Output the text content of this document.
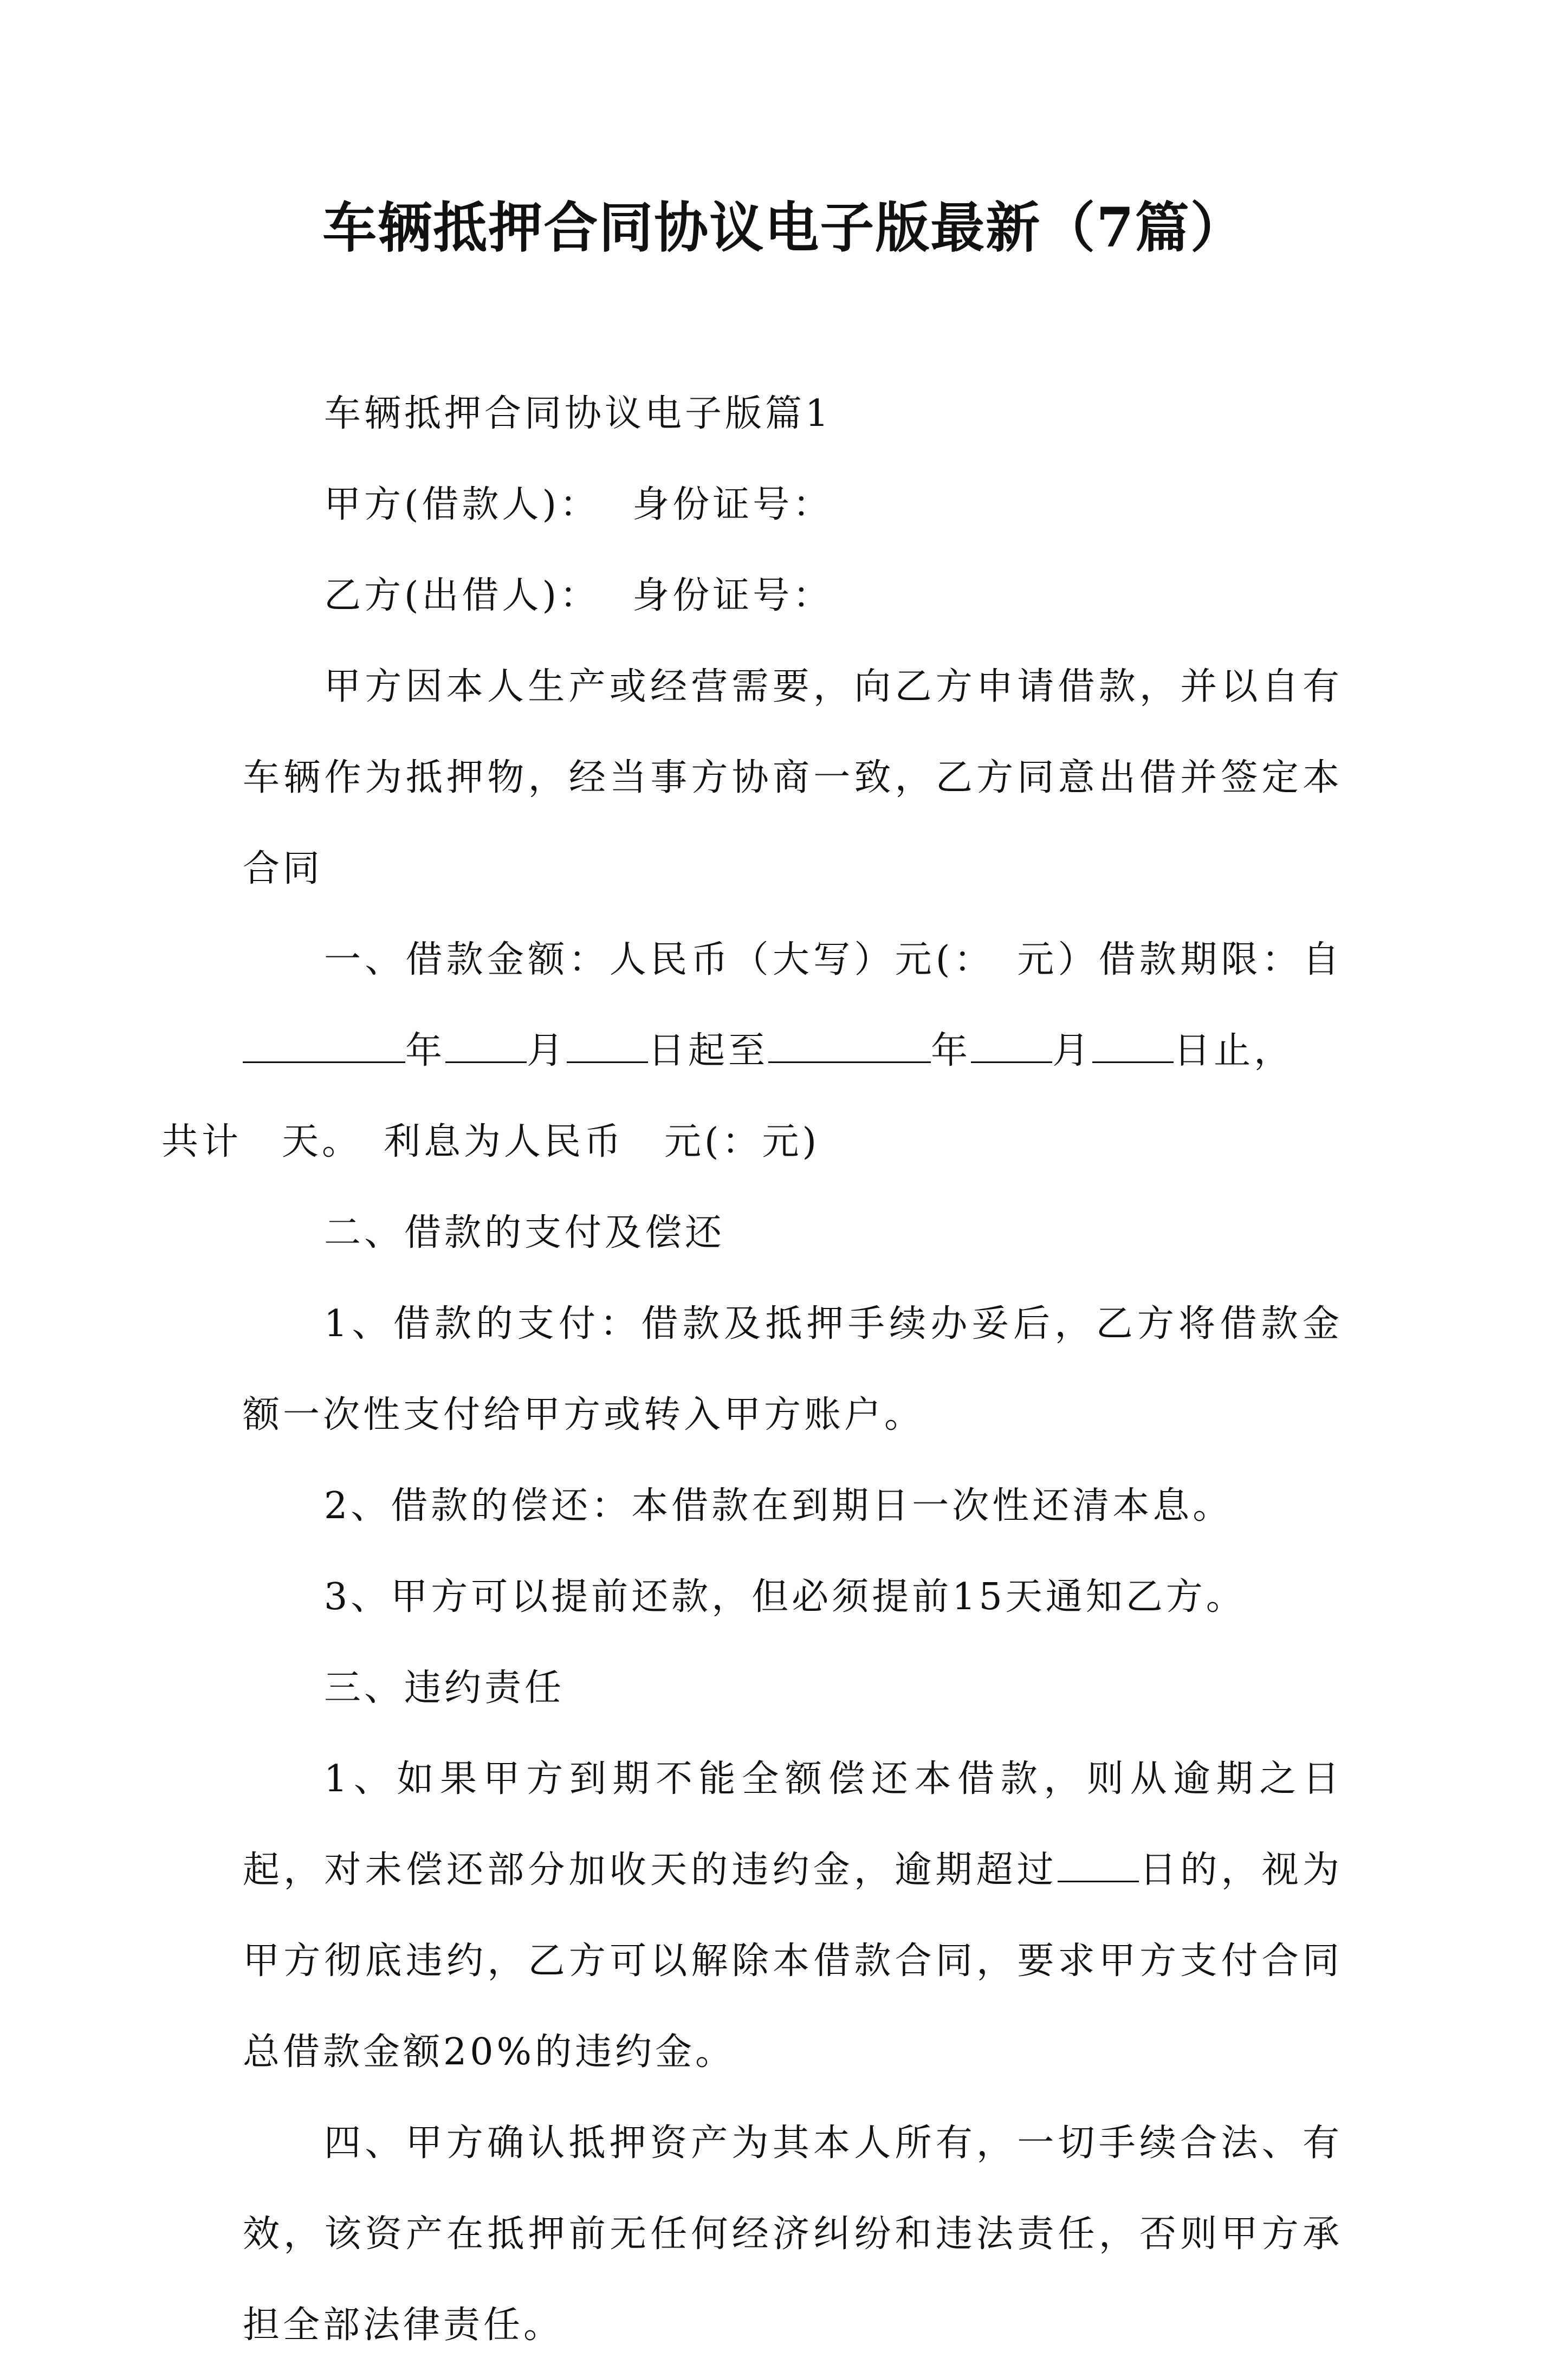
车辆抵押合同协议电子版最新（7篇）

车辆抵押合同协议电子版篇1

甲方(借款人)： 身份证号：

乙方(出借人)： 身份证号：

甲方因本人生产或经营需要，向乙方申请借款，并以自有车辆作为抵押物，经当事方协商一致，乙方同意出借并签定本合同

一、借款金额：人民币（大写）元(：　元）借款期限：自年 月 日起至	年 月 日止，
共计　天。　利息为人民币　元(：元)

二、借款的支付及偿还

1、借款的支付：借款及抵押手续办妥后，乙方将借款金额一次性支付给甲方或转入甲方账户。

2、借款的偿还：本借款在到期日一次性还清本息。

3、甲方可以提前还款，但必须提前15天通知乙方。

三、违约责任

1、如果甲方到期不能全额偿还本借款，则从逾期之日起，对未偿还部分加收天的违约金，逾期超过 日的，视为甲方彻底违约，乙方可以解除本借款合同，要求甲方支付合同总借款金额20%的违约金。

四、甲方确认抵押资产为其本人所有，一切手续合法、有效，该资产在抵押前无任何经济纠纷和违法责任，否则甲方承担全部法律责任。
